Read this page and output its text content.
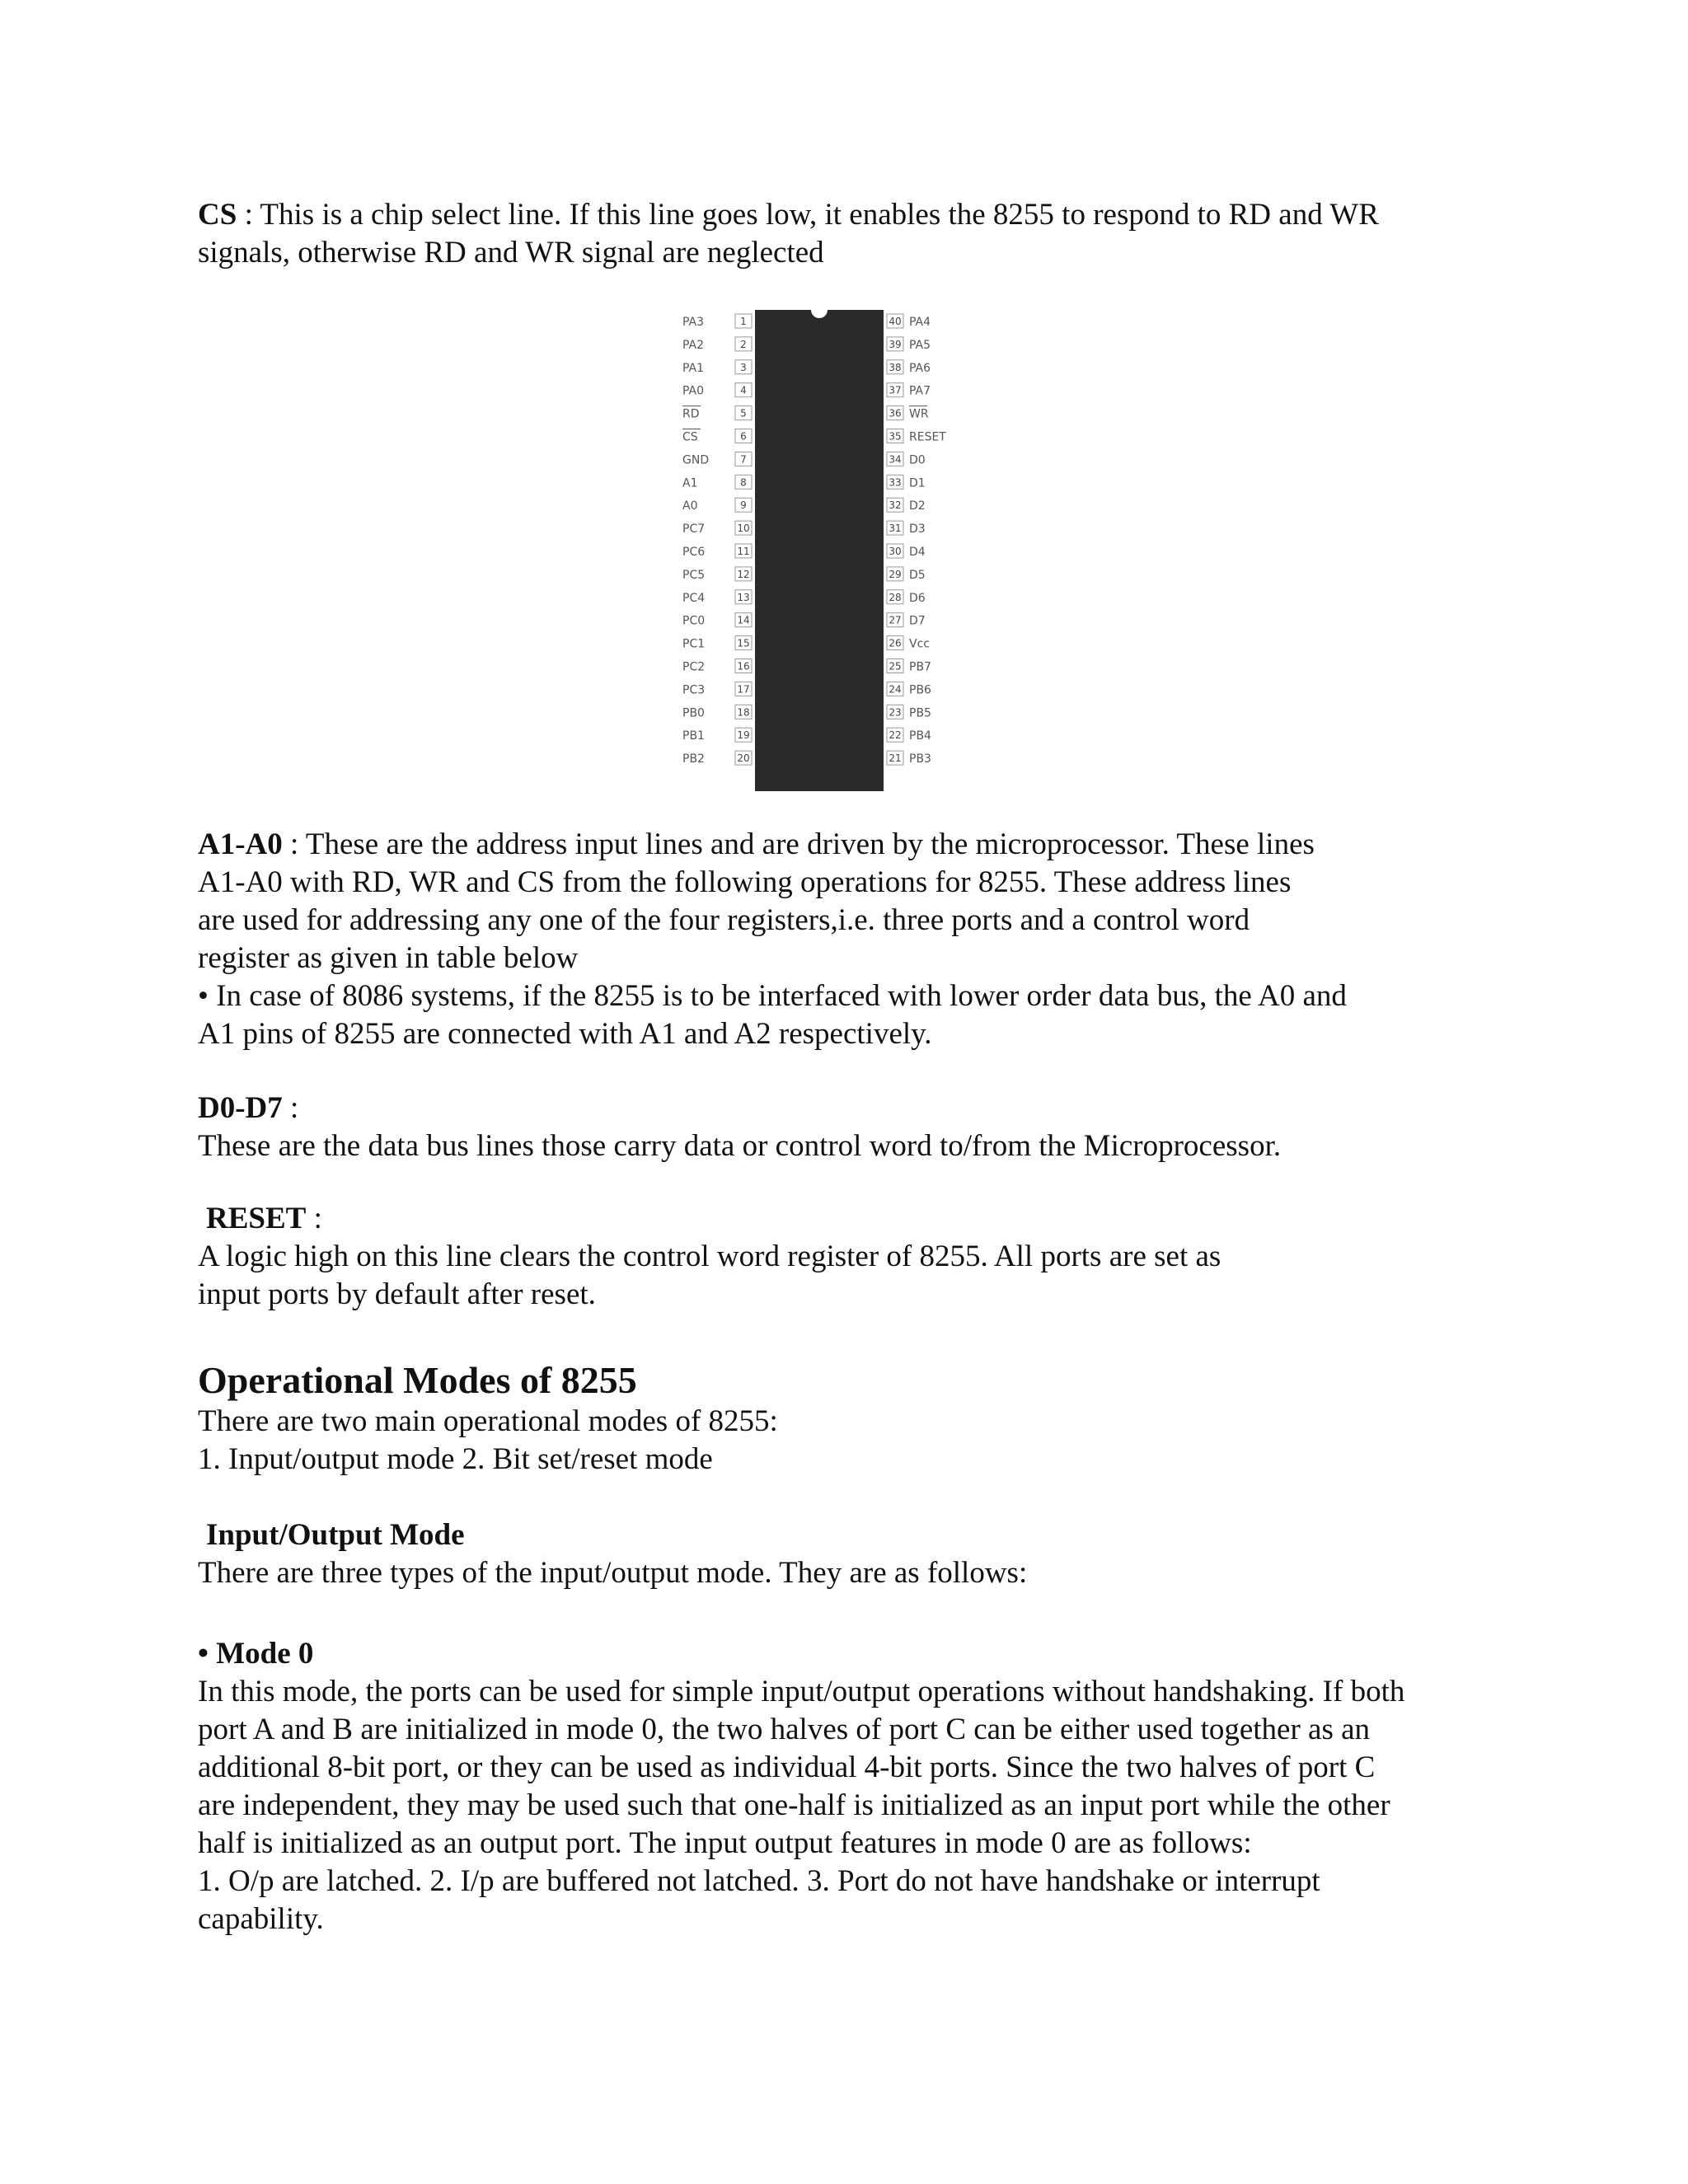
CS : This is a chip select line. If this line goes low, it enables the 8255 to respond to RD and WR
signals, otherwise RD and WR signal are neglected
1
PA3
2
PA2
3
PA1
4
PA0
5
RD
6
CS
7
GND
8
A1
9
A0
10
PC7
11
PC6
12
PC5
13
PC4
14
PC0
15
PC1
16
PC2
17
PC3
18
PB0
19
PB1
20
PB2
40 PA4
39 PA5
38 PA6
37 PA7
36 WR
35 RESET
34 D0
33 D1
32 D2
31 D3
30 D4
29 D5
28 D6
27 D7
26 Vcc
25 PB7
24 PB6
23 PB5
22 PB4
21 PB3
A1-A0 : These are the address input lines and are driven by the microprocessor. These lines
A1-A0 with RD, WR and CS from the following operations for 8255. These address lines
are used for addressing any one of the four registers,i.e. three ports and a control word
register as given in table below
• In case of 8086 systems, if the 8255 is to be interfaced with lower order data bus, the A0 and
A1 pins of 8255 are connected with A1 and A2 respectively.
D0-D7 :
These are the data bus lines those carry data or control word to/from the Microprocessor.
RESET :
A logic high on this line clears the control word register of 8255. All ports are set as
input ports by default after reset.
Operational Modes of 8255
There are two main operational modes of 8255:
1. Input/output mode 2. Bit set/reset mode
Input/Output Mode
There are three types of the input/output mode. They are as follows:
• Mode 0
In this mode, the ports can be used for simple input/output operations without handshaking. If both
port A and B are initialized in mode 0, the two halves of port C can be either used together as an
additional 8-bit port, or they can be used as individual 4-bit ports. Since the two halves of port C
are independent, they may be used such that one-half is initialized as an input port while the other
half is initialized as an output port. The input output features in mode 0 are as follows:
1. O/p are latched. 2. I/p are buffered not latched. 3. Port do not have handshake or interrupt
capability.
